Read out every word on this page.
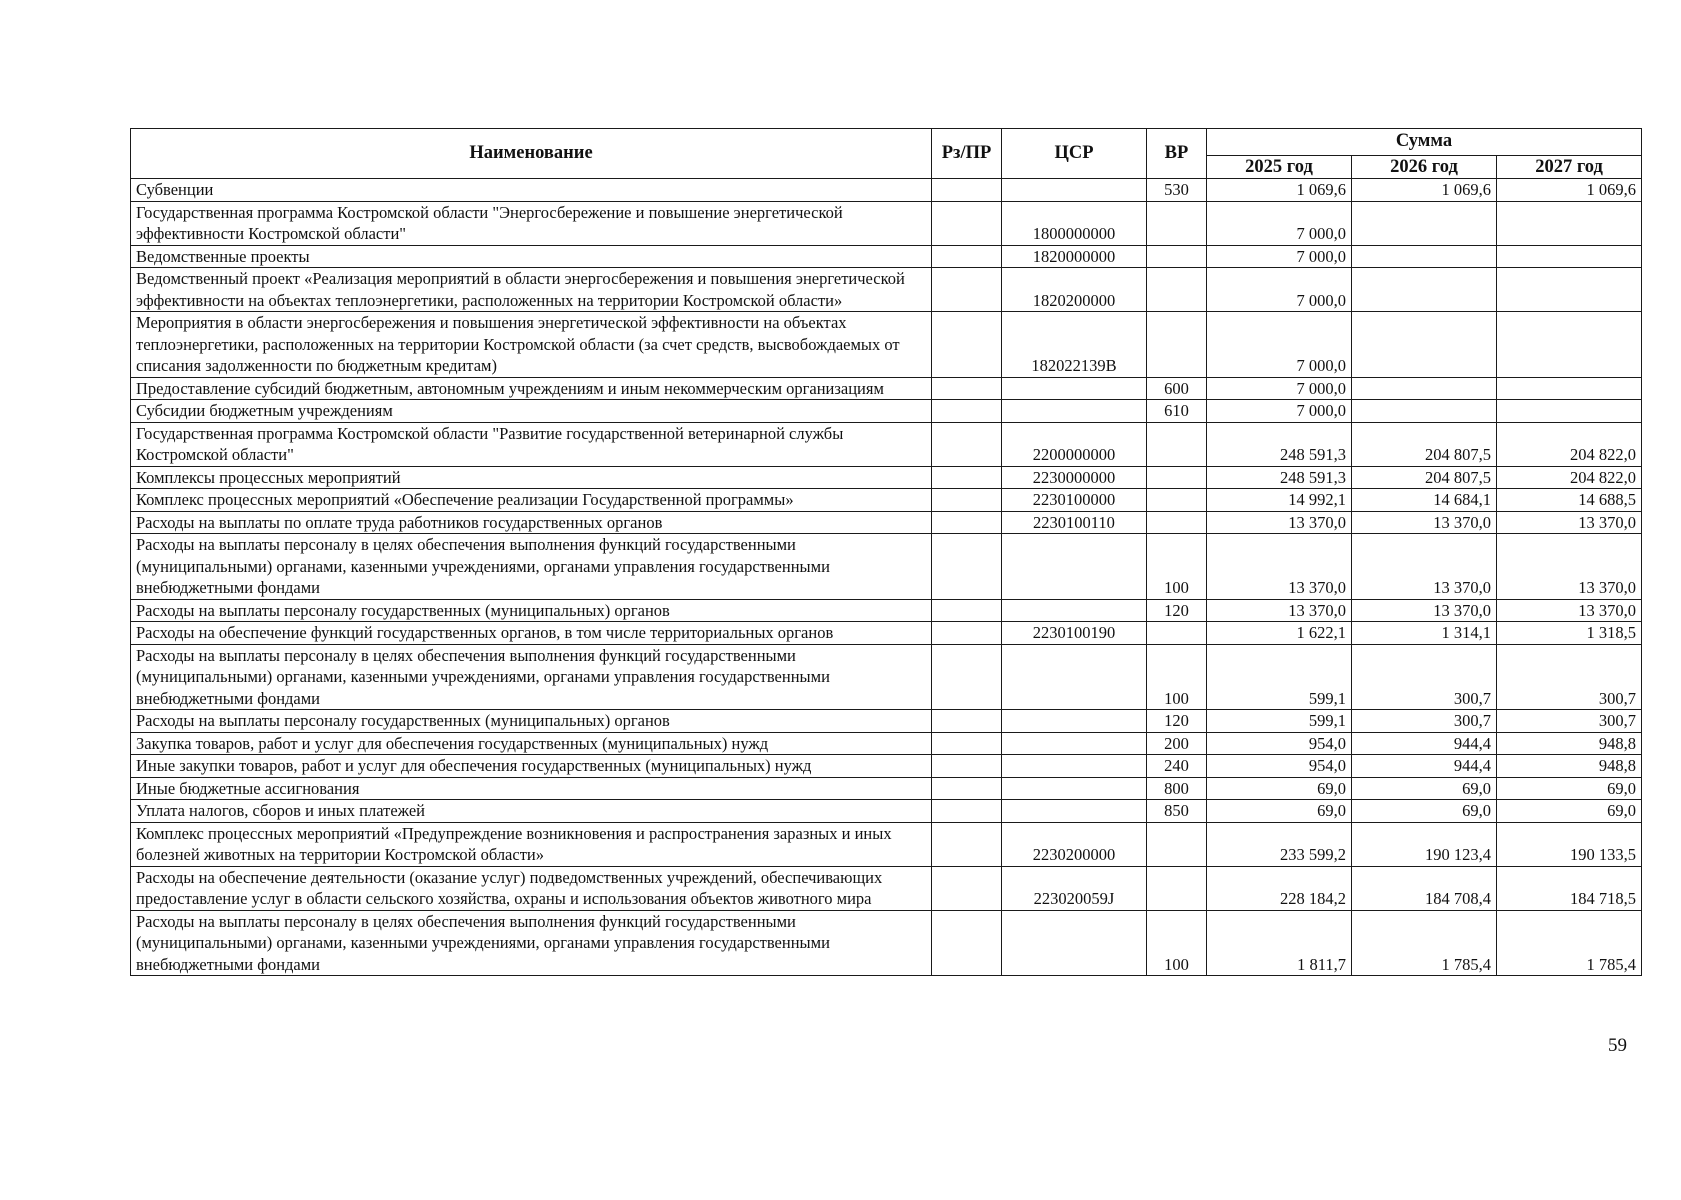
Наименование	Рз/ПР	ЦСР	ВР	Сумма		
				2025 год	2026 год	2027 год
Субвенции			530	1 069,6	1 069,6	1 069,6
Государственная программа Костромской области "Энергосбережение и повышение энергетической эффективности Костромской области"		1800000000		7 000,0		
Ведомственные проекты		1820000000		7 000,0		
Ведомственный проект «Реализация мероприятий в области энергосбережения и повышения энергетической эффективности на объектах теплоэнергетики, расположенных на территории Костромской области»		1820200000		7 000,0		
Мероприятия в области энергосбережения и повышения энергетической эффективности на объектах теплоэнергетики, расположенных на территории Костромской области (за счет средств, высвобождаемых от списания задолженности по бюджетным кредитам)		182022139В		7 000,0		
Предоставление субсидий бюджетным, автономным учреждениям и иным некоммерческим организациям			600	7 000,0		
Субсидии бюджетным учреждениям			610	7 000,0		
Государственная программа Костромской области "Развитие государственной ветеринарной службы Костромской области"		2200000000		248 591,3	204 807,5	204 822,0
Комплексы процессных мероприятий		2230000000		248 591,3	204 807,5	204 822,0
Комплекс процессных мероприятий «Обеспечение реализации Государственной программы»		2230100000		14 992,1	14 684,1	14 688,5
Расходы на выплаты по оплате труда работников государственных органов		2230100110		13 370,0	13 370,0	13 370,0
Расходы на выплаты персоналу в целях обеспечения выполнения функций государственными (муниципальными) органами, казенными учреждениями, органами управления государственными внебюджетными фондами			100	13 370,0	13 370,0	13 370,0
Расходы на выплаты персоналу государственных (муниципальных) органов			120	13 370,0	13 370,0	13 370,0
Расходы на обеспечение функций государственных органов, в том числе территориальных органов		2230100190		1 622,1	1 314,1	1 318,5
Расходы на выплаты персоналу в целях обеспечения выполнения функций государственными (муниципальными) органами, казенными учреждениями, органами управления государственными внебюджетными фондами			100	599,1	300,7	300,7
Расходы на выплаты персоналу государственных (муниципальных) органов			120	599,1	300,7	300,7
Закупка товаров, работ и услуг для обеспечения государственных (муниципальных) нужд			200	954,0	944,4	948,8
Иные закупки товаров, работ и услуг для обеспечения государственных (муниципальных) нужд			240	954,0	944,4	948,8
Иные бюджетные ассигнования			800	69,0	69,0	69,0
Уплата налогов, сборов и иных платежей			850	69,0	69,0	69,0
Комплекс процессных мероприятий «Предупреждение возникновения и распространения заразных и иных болезней животных на территории Костромской области»		2230200000		233 599,2	190 123,4	190 133,5
Расходы на обеспечение деятельности (оказание услуг) подведомственных учреждений, обеспечивающих предоставление услуг в области сельского хозяйства, охраны и использования объектов животного мира		223020059J		228 184,2	184 708,4	184 718,5
Расходы на выплаты персоналу в целях обеспечения выполнения функций государственными (муниципальными) органами, казенными учреждениями, органами управления государственными внебюджетными фондами			100	1 811,7	1 785,4	1 785,4
59
